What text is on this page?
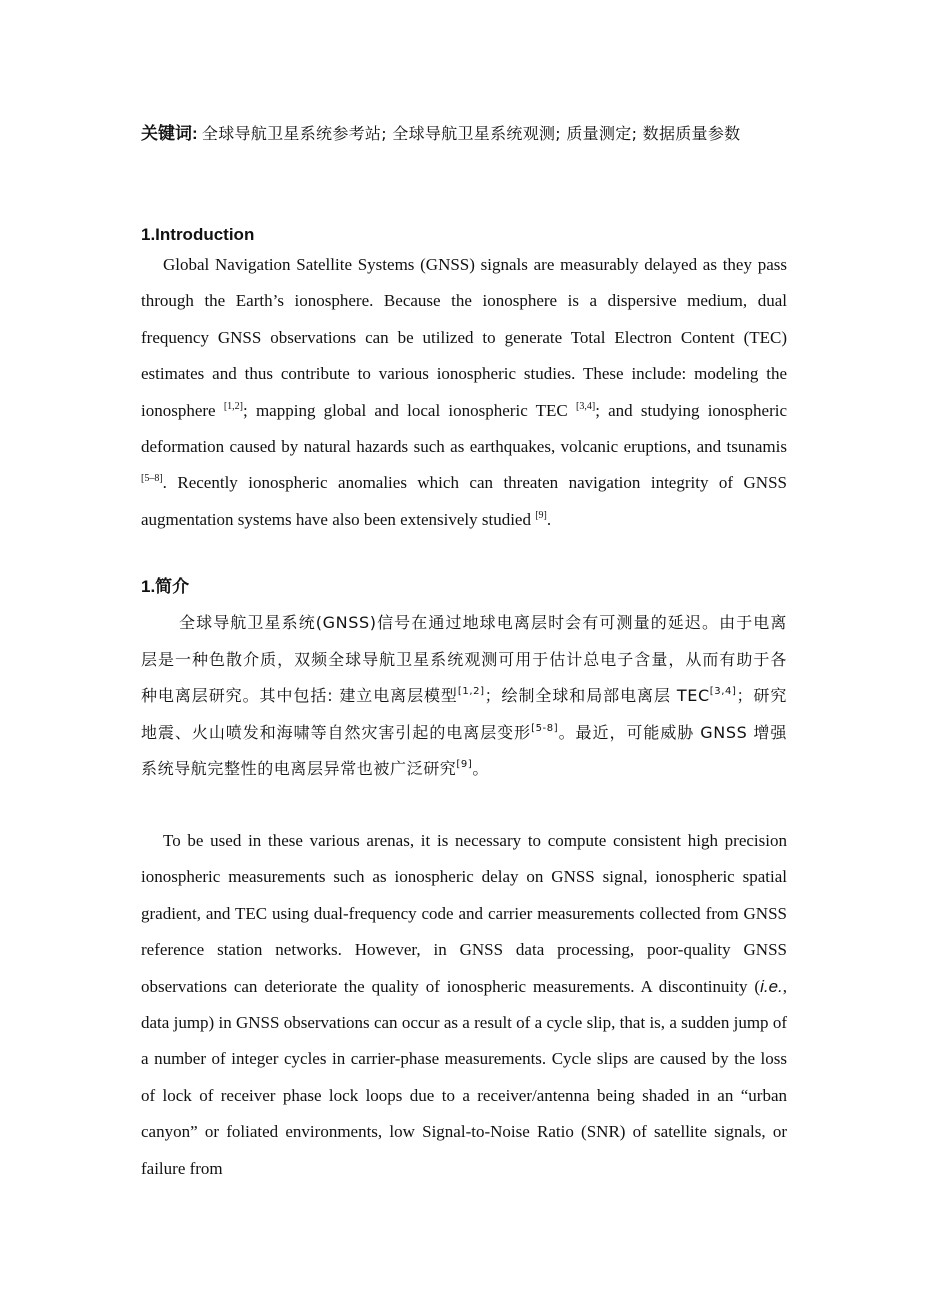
关键词: 全球导航卫星系统参考站; 全球导航卫星系统观测; 质量测定; 数据质量参数
1.Introduction
Global Navigation Satellite Systems (GNSS) signals are measurably delayed as they pass through the Earth’s ionosphere. Because the ionosphere is a dispersive medium, dual frequency GNSS observations can be utilized to generate Total Electron Content (TEC) estimates and thus contribute to various ionospheric studies. These include: modeling the ionosphere [1,2]; mapping global and local ionospheric TEC [3,4]; and studying ionospheric deformation caused by natural hazards such as earthquakes, volcanic eruptions, and tsunamis [5–8]. Recently ionospheric anomalies which can threaten navigation integrity of GNSS augmentation systems have also been extensively studied [9].
1.简介
全球导航卫星系统(GNSS)信号在通过地球电离层时会有可测量的延迟。由于电离层是一种色散介质，双频全球导航卫星系统观测可用于估计总电子含量，从而有助于各种电离层研究。其中包括: 建立电离层模型[1,2]；绘制全球和局部电离层 TEC[3,4]；研究地震、火山喷发和海啸等自然灾害引起的电离层变形[5-8]。最近，可能威胁 GNSS 增强系统导航完整性的电离层异常也被广泛研究[9]。
To be used in these various arenas, it is necessary to compute consistent high precision ionospheric measurements such as ionospheric delay on GNSS signal, ionospheric spatial gradient, and TEC using dual-frequency code and carrier measurements collected from GNSS reference station networks. However, in GNSS data processing, poor-quality GNSS observations can deteriorate the quality of ionospheric measurements. A discontinuity (i.e., data jump) in GNSS observations can occur as a result of a cycle slip, that is, a sudden jump of a number of integer cycles in carrier-phase measurements. Cycle slips are caused by the loss of lock of receiver phase lock loops due to a receiver/antenna being shaded in an “urban canyon” or foliated environments, low Signal-to-Noise Ratio (SNR) of satellite signals, or failure from
